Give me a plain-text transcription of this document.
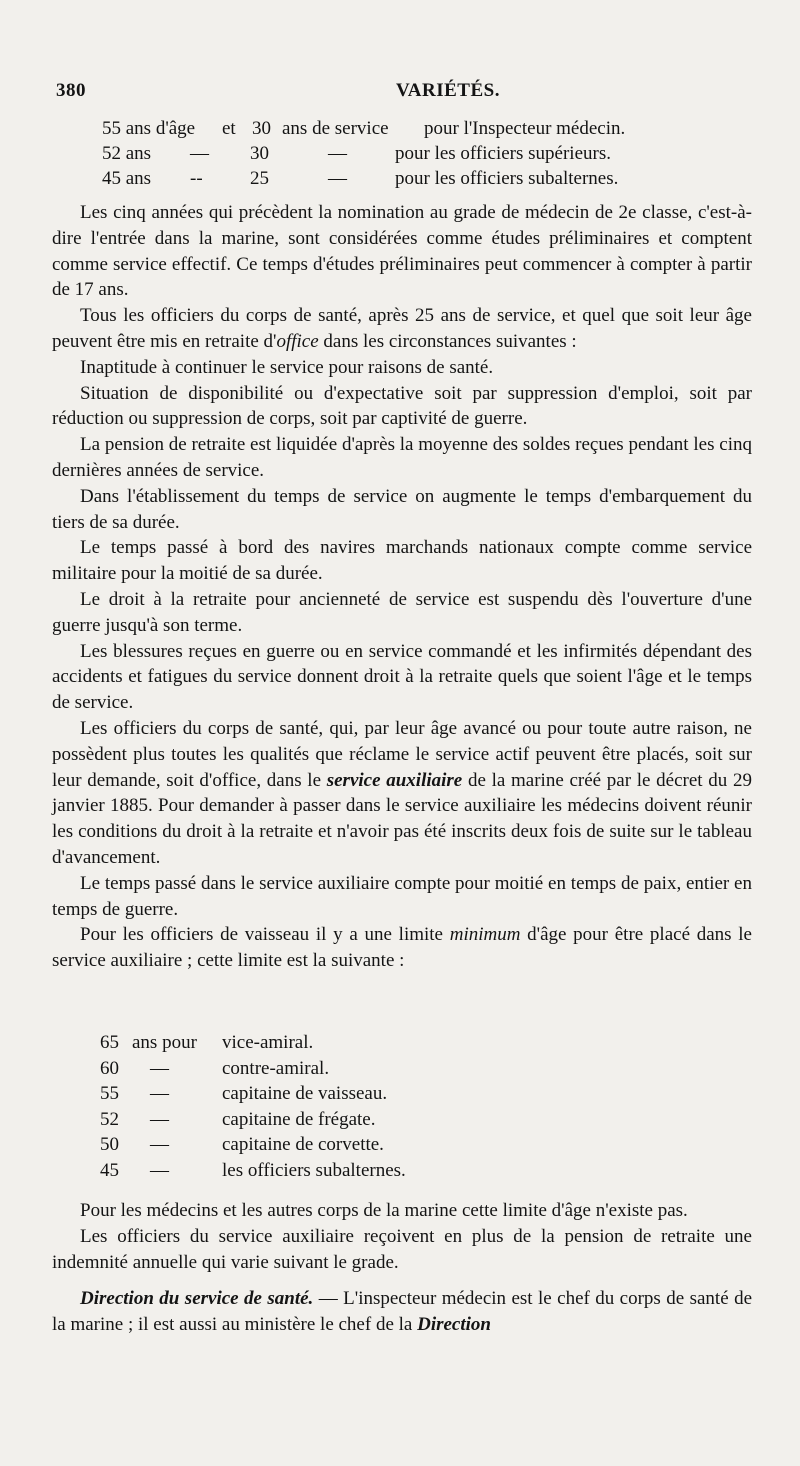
380	VARIÉTÉS.
55 ans d'âge et 30 ans de service pour l'Inspecteur médecin.
52 ans — 30	—	pour les officiers supérieurs.
45 ans -- 25	—	pour les officiers subalternes.

Les cinq années qui précèdent la nomination au grade de médecin de 2e classe, c'est-à-dire l'entrée dans la marine, sont considérées comme études préliminaires et comptent comme service effectif. Ce temps d'études préliminaires peut commencer à compter à partir de 17 ans.

Tous les officiers du corps de santé, après 25 ans de service, et quel que soit leur âge peuvent être mis en retraite d'office dans les circonstances suivantes :

Inaptitude à continuer le service pour raisons de santé.

Situation de disponibilité ou d'expectative soit par suppression d'emploi, soit par réduction ou suppression de corps, soit par captivité de guerre.

La pension de retraite est liquidée d'après la moyenne des soldes reçues pendant les cinq dernières années de service.

Dans l'établissement du temps de service on augmente le temps d'embarquement du tiers de sa durée.

Le temps passé à bord des navires marchands nationaux compte comme service militaire pour la moitié de sa durée.

Le droit à la retraite pour ancienneté de service est suspendu dès l'ouverture d'une guerre jusqu'à son terme.

Les blessures reçues en guerre ou en service commandé et les infirmités dépendant des accidents et fatigues du service donnent droit à la retraite quels que soient l'âge et le temps de service.

Les officiers du corps de santé, qui, par leur âge avancé ou pour toute autre raison, ne possèdent plus toutes les qualités que réclame le service actif peuvent être placés, soit sur leur demande, soit d'office, dans le service auxiliaire de la marine créé par le décret du 29 janvier 1885. Pour demander à passer dans le service auxiliaire les médecins doivent réunir les conditions du droit à la retraite et n'avoir pas été inscrits deux fois de suite sur le tableau d'avancement.

Le temps passé dans le service auxiliaire compte pour moitié en temps de paix, entier en temps de guerre.

Pour les officiers de vaisseau il y a une limite minimum d'âge pour être placé dans le service auxiliaire ; cette limite est la suivante :

65 ans pour vice-amiral.
60 —	contre-amiral.
55 —	capitaine de vaisseau.
52 —	capitaine de frégate.
50 —	capitaine de corvette.
45 —	les officiers subalternes.

Pour les médecins et les autres corps de la marine cette limite d'âge n'existe pas.

Les officiers du service auxiliaire reçoivent en plus de la pension de retraite une indemnité annuelle qui varie suivant le grade.

Direction du service de santé. — L'inspecteur médecin est le chef du corps de santé de la marine ; il est aussi au ministère le chef de la Direction
